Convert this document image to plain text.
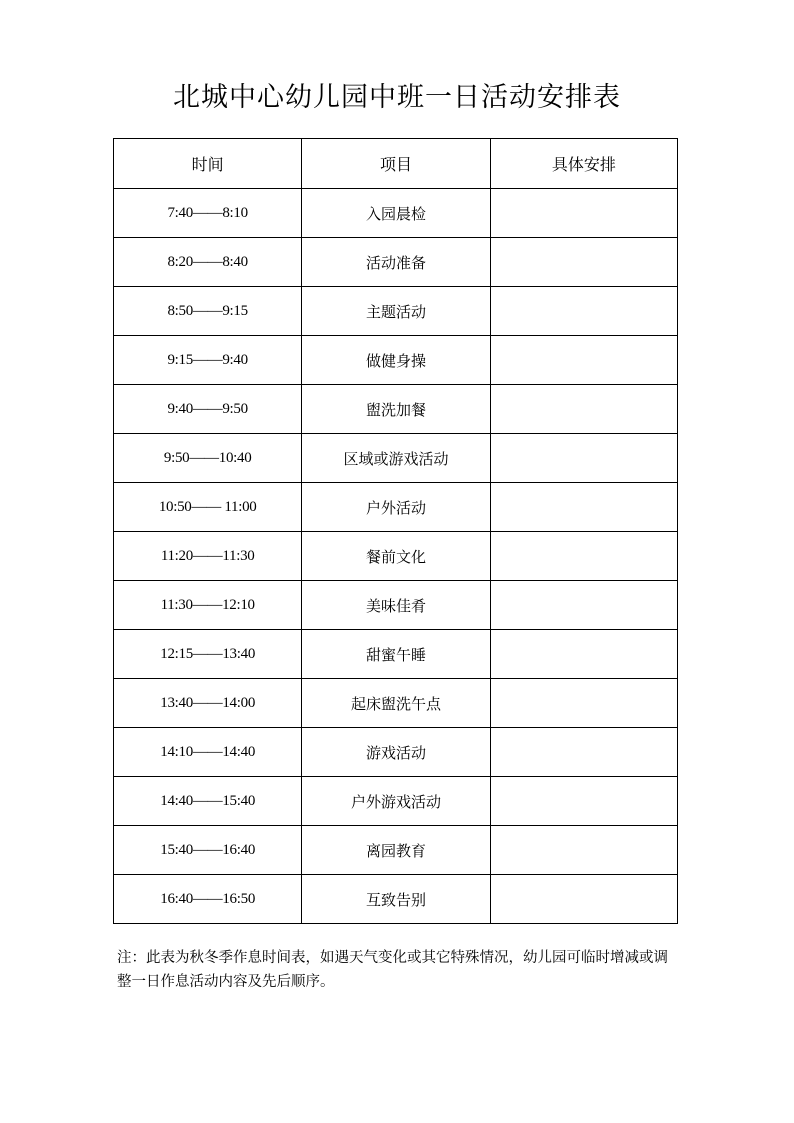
北城中心幼儿园中班一日活动安排表
时间	项目	具体安排
7:40——8:10	入园晨检	
8:20——8:40	活动准备	
8:50——9:15	主题活动	
9:15——9:40	做健身操	
9:40——9:50	盥洗加餐	
9:50——10:40	区域或游戏活动	
10:50—— 11:00	户外活动	
11:20——11:30	餐前文化	
11:30——12:10	美味佳肴	
12:15——13:40	甜蜜午睡	
13:40——14:00	起床盥洗午点	
14:10——14:40	游戏活动	
14:40——15:40	户外游戏活动	
15:40——16:40	离园教育	
16:40——16:50	互致告别	
注：此表为秋冬季作息时间表，如遇天气变化或其它特殊情况，幼儿园可临时增减或调整一日作息活动内容及先后顺序。
